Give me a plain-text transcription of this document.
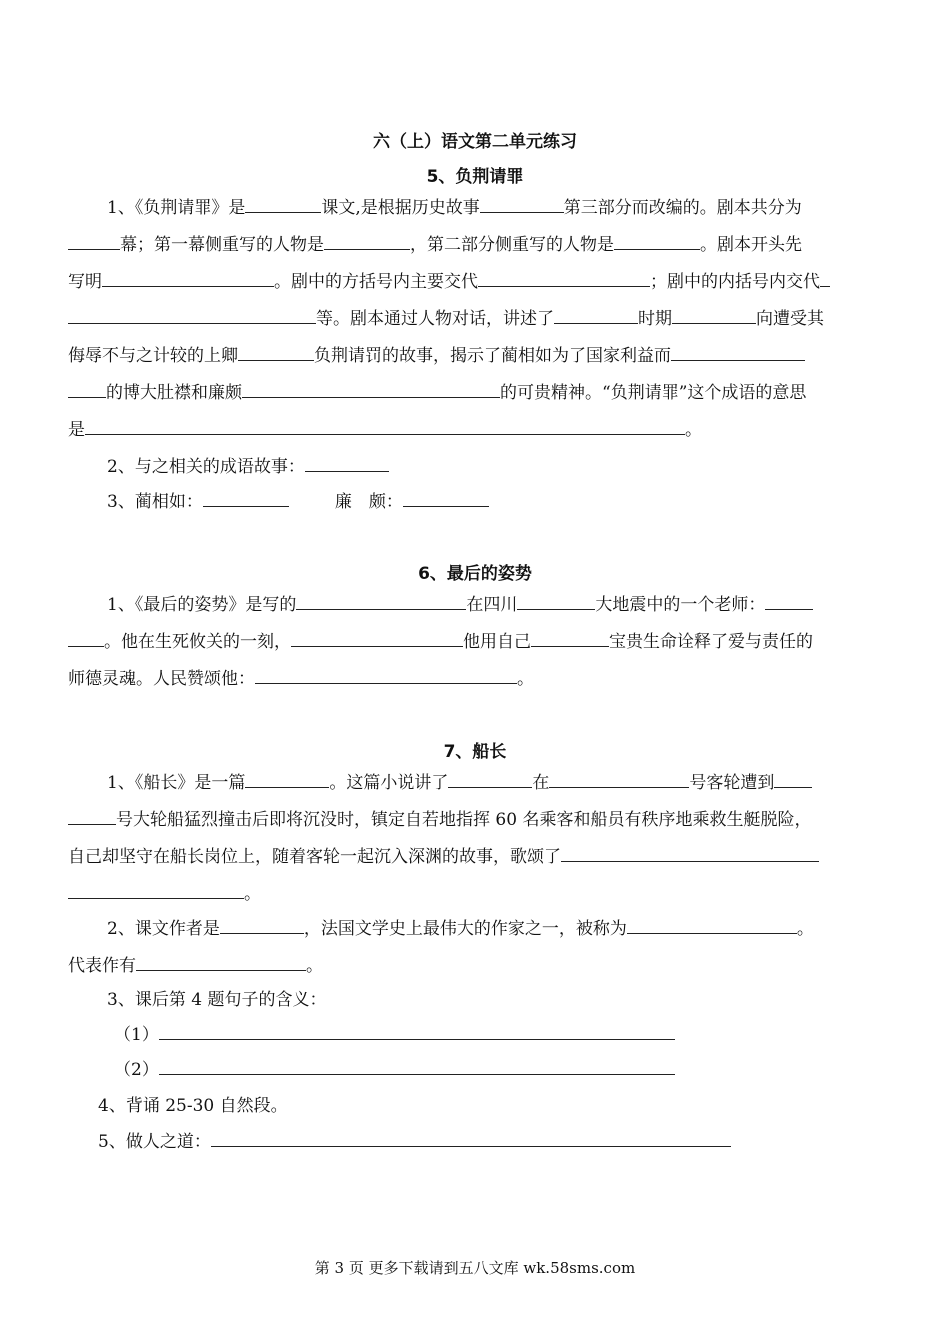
六（上）语文第二单元练习
5、负荆请罪
1、《负荆请罪》是	课文,是根据历史故事	第三部分而改编的。剧本共分为
幕；第一幕侧重写的人物是	，第二部分侧重写的人物是	。剧本开头先
写明	。剧中的方括号内主要交代	；剧中的内括号内交代
等。剧本通过人物对话，讲述了	时期	向遭受其
侮辱不与之计较的上卿	负荆请罚的故事，揭示了蔺相如为了国家利益而
的博大肚襟和廉颇	的可贵精神。“负荆请罪”这个成语的意思
是	。
2、与之相关的成语故事：
3、蔺相如：	廉　颇：
6、最后的姿势
1、《最后的姿势》是写的	在四川	大地震中的一个老师：
。他在生死攸关的一刻，	他用自己	宝贵生命诠释了爱与责任的
师德灵魂。人民赞颂他：	。
7、船长
1、《船长》是一篇	。这篇小说讲了	在	号客轮遭到
号大轮船猛烈撞击后即将沉没时，镇定自若地指挥 60 名乘客和船员有秩序地乘救生艇脱险，
自己却坚守在船长岗位上，随着客轮一起沉入深渊的故事，歌颂了
。
2、课文作者是	，法国文学史上最伟大的作家之一，被称为	。
代表作有	。
3、课后第 4 题句子的含义：
（1）
（2）
4、背诵 25-30 自然段。
5、做人之道：
第 3 页 更多下载请到五八文库 wk.58sms.com
